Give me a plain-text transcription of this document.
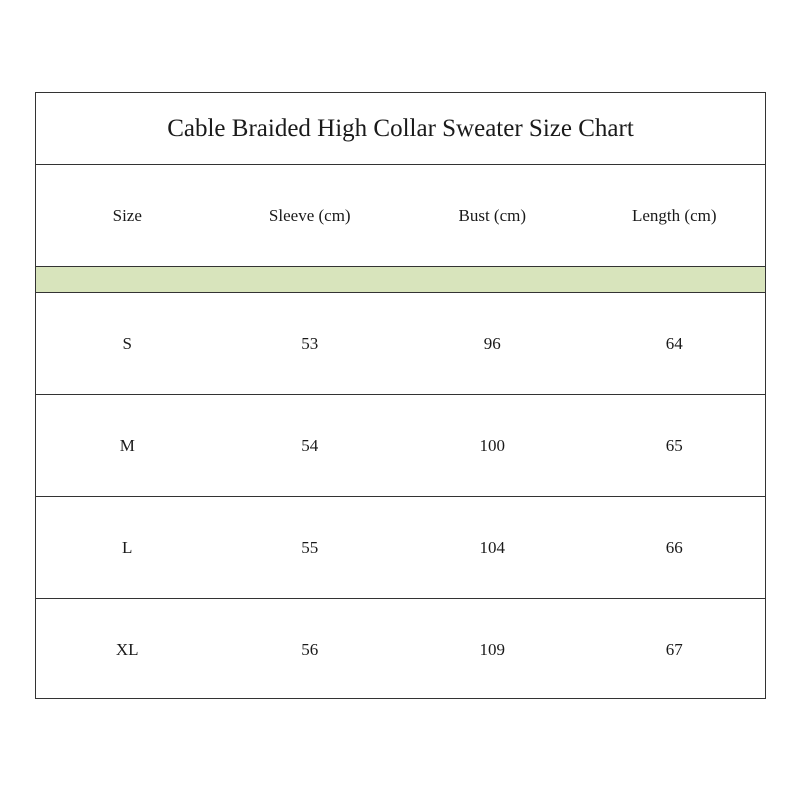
Cable Braided High Collar Sweater Size Chart
Size	Sleeve (cm)	Bust (cm)	Length (cm)
S	53	96	64
M	54	100	65
L	55	104	66
XL	56	109	67
